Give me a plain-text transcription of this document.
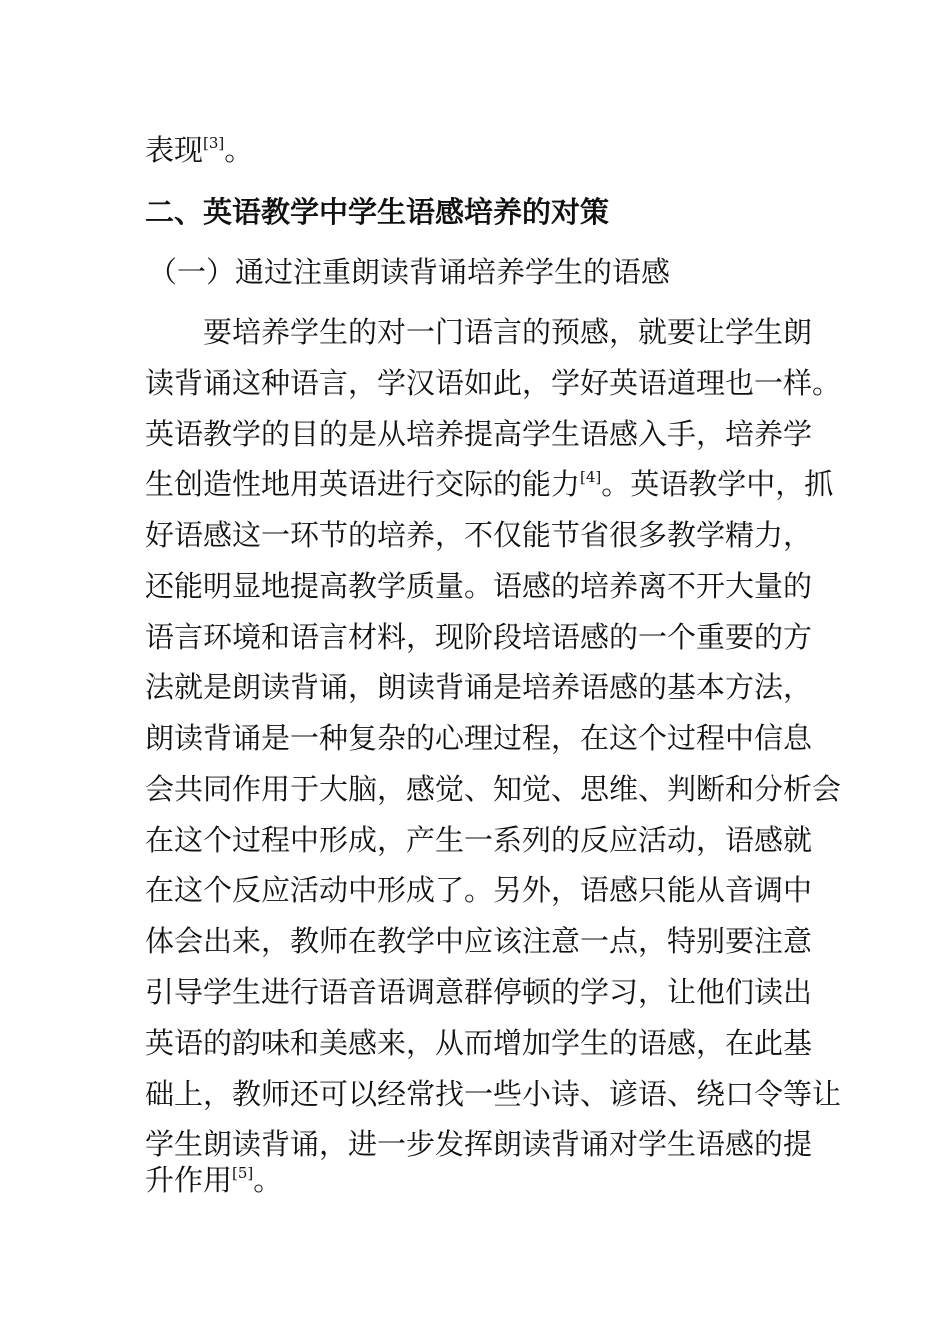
表现[3]。
二、英语教学中学生语感培养的对策
（一）通过注重朗读背诵培养学生的语感
要培养学生的对一门语言的预感，就要让学生朗
读背诵这种语言，学汉语如此，学好英语道理也一样。
英语教学的目的是从培养提高学生语感入手，培养学
生创造性地用英语进行交际的能力[4]。英语教学中，抓
好语感这一环节的培养，不仅能节省很多教学精力，
还能明显地提高教学质量。语感的培养离不开大量的
语言环境和语言材料，现阶段培语感的一个重要的方
法就是朗读背诵，朗读背诵是培养语感的基本方法，
朗读背诵是一种复杂的心理过程，在这个过程中信息
会共同作用于大脑，感觉、知觉、思维、判断和分析会
在这个过程中形成，产生一系列的反应活动，语感就
在这个反应活动中形成了。另外，语感只能从音调中
体会出来，教师在教学中应该注意一点，特别要注意
引导学生进行语音语调意群停顿的学习，让他们读出
英语的韵味和美感来，从而增加学生的语感，在此基
础上，教师还可以经常找一些小诗、谚语、绕口令等让
学生朗读背诵，进一步发挥朗读背诵对学生语感的提
升作用[5]。
